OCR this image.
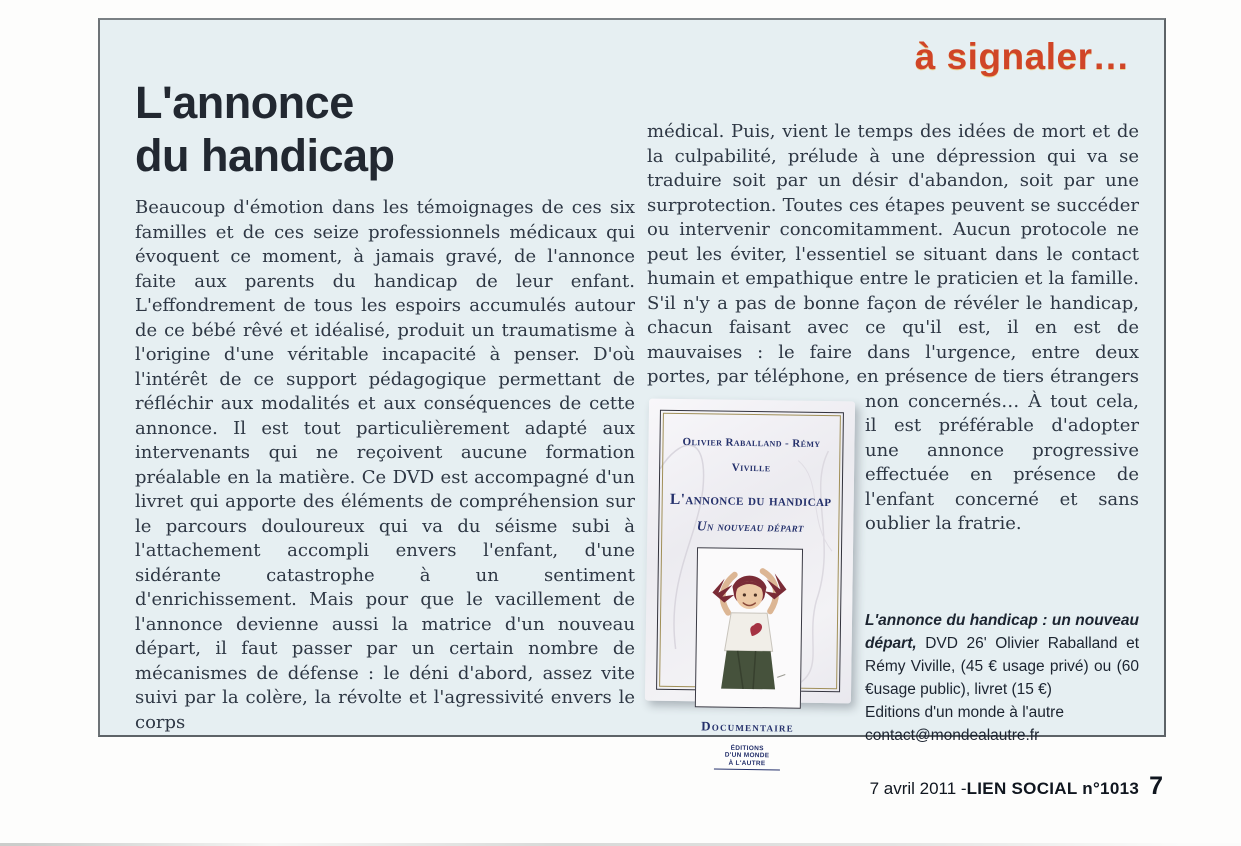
à signaler…
L'annonce
du handicap
Beaucoup d'émotion dans les témoignages de ces six familles et de ces seize professionnels médicaux qui évoquent ce moment, à jamais gravé, de l'annonce faite aux parents du handicap de leur enfant. L'effondrement de tous les espoirs accumulés autour de ce bébé rêvé et idéalisé, produit un traumatisme à l'origine d'une véritable incapacité à penser. D'où l'intérêt de ce support pédagogique permettant de réfléchir aux modalités et aux conséquences de cette annonce. Il est tout particulièrement adapté aux intervenants qui ne reçoivent aucune formation préalable en la matière. Ce DVD est accompagné d'un livret qui apporte des éléments de compréhension sur le parcours douloureux qui va du séisme subi à l'attachement accompli envers l'enfant, d'une sidérante catastrophe à un sentiment d'enrichissement. Mais pour que le vacillement de l'annonce devienne aussi la matrice d'un nouveau départ, il faut passer par un certain nombre de mécanismes de défense : le déni d'abord, assez vite suivi par la colère, la révolte et l'agressivité envers le corps
médical. Puis, vient le temps des idées de mort et de la culpabilité, prélude à une dépression qui va se traduire soit par un désir d'abandon, soit par une surprotection. Toutes ces étapes peuvent se succéder ou intervenir concomitamment. Aucun protocole ne peut les éviter, l'essentiel se situant dans le contact humain et empathique entre le praticien et la famille. S'il n'y a pas de bonne façon de révéler le handicap, chacun faisant avec ce qu'il est, il en est de mauvaises : le faire dans l'urgence, entre deux portes, par téléphone, en présence de tiers étrangers non concernés… À tout
Olivier Raballand - Rémy Viville
L'annonce du handicap
Un nouveau départ
Documentaire
ÉDITIONS
D'UN MONDE
À L'AUTRE
cela, il est préférable d'adopter une annonce progressive effectuée en présence de l'enfant concerné et sans oublier la fratrie.
L'annonce du handicap : un nouveau départ, DVD 26' Olivier Raballand et Rémy Viville, (45 € usage privé) ou (60 €usage public), livret (15 €)
Editions d'un monde à l'autre
contact@mondealautre.fr
7 avril 2011 - LIEN SOCIAL n°1013 7
